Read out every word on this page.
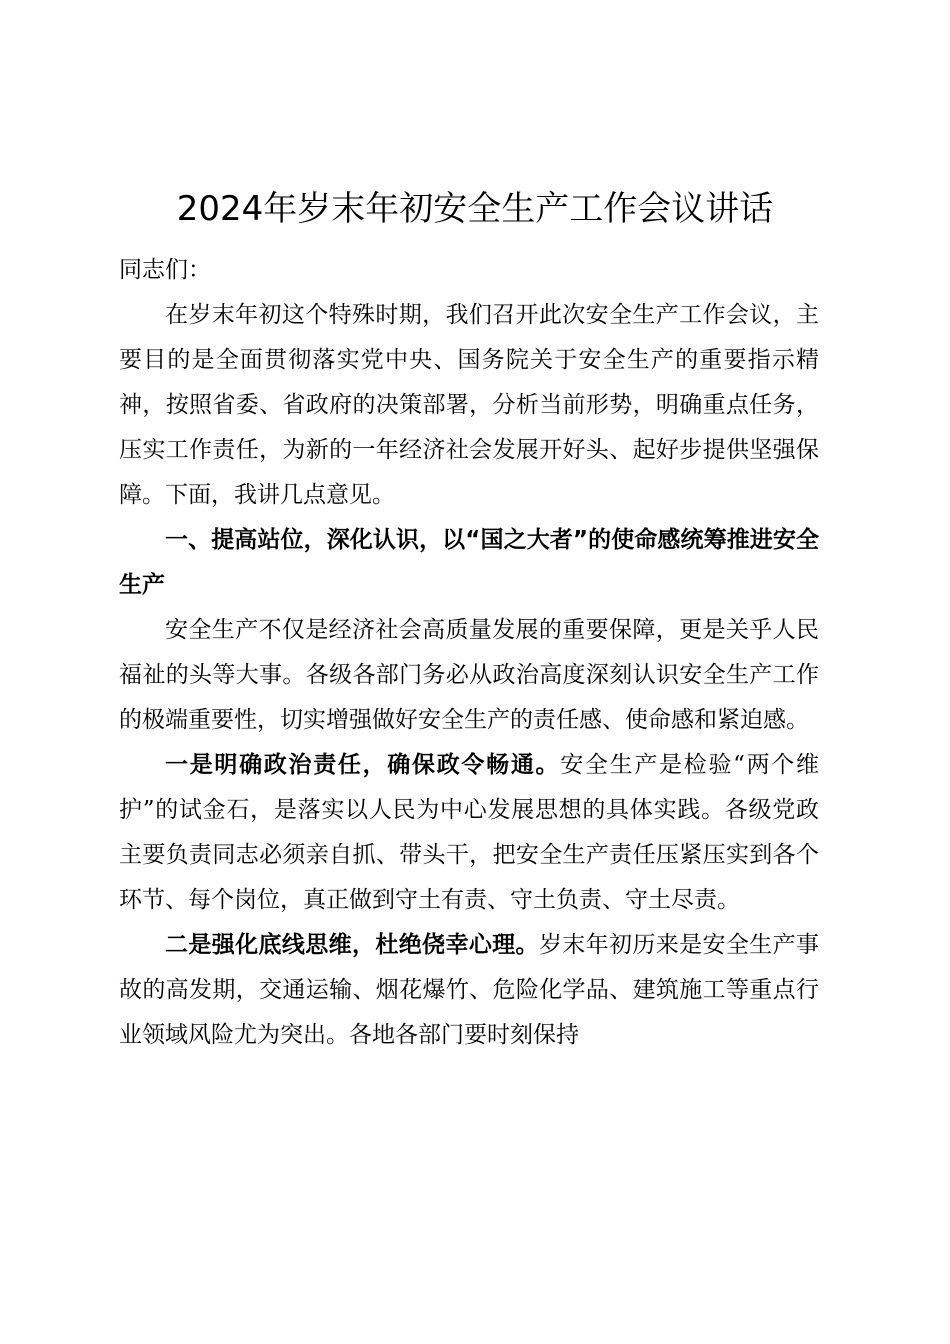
2024年岁末年初安全生产工作会议讲话

同志们：

在岁末年初这个特殊时期，我们召开此次安全生产工作会议，主要目的是全面贯彻落实党中央、国务院关于安全生产的重要指示精神，按照省委、省政府的决策部署，分析当前形势，明确重点任务，压实工作责任，为新的一年经济社会发展开好头、起好步提供坚强保障。下面，我讲几点意见。

一、提高站位，深化认识，以“国之大者”的使命感统筹推进安全生产

安全生产不仅是经济社会高质量发展的重要保障，更是关乎人民福祉的头等大事。各级各部门务必从政治高度深刻认识安全生产工作的极端重要性，切实增强做好安全生产的责任感、使命感和紧迫感。

一是明确政治责任，确保政令畅通。安全生产是检验“两个维护”的试金石，是落实以人民为中心发展思想的具体实践。各级党政主要负责同志必须亲自抓、带头干，把安全生产责任压紧压实到各个环节、每个岗位，真正做到守土有责、守土负责、守土尽责。

二是强化底线思维，杜绝侥幸心理。岁末年初历来是安全生产事故的高发期，交通运输、烟花爆竹、危险化学品、建筑施工等重点行业领域风险尤为突出。各地各部门要时刻保持
